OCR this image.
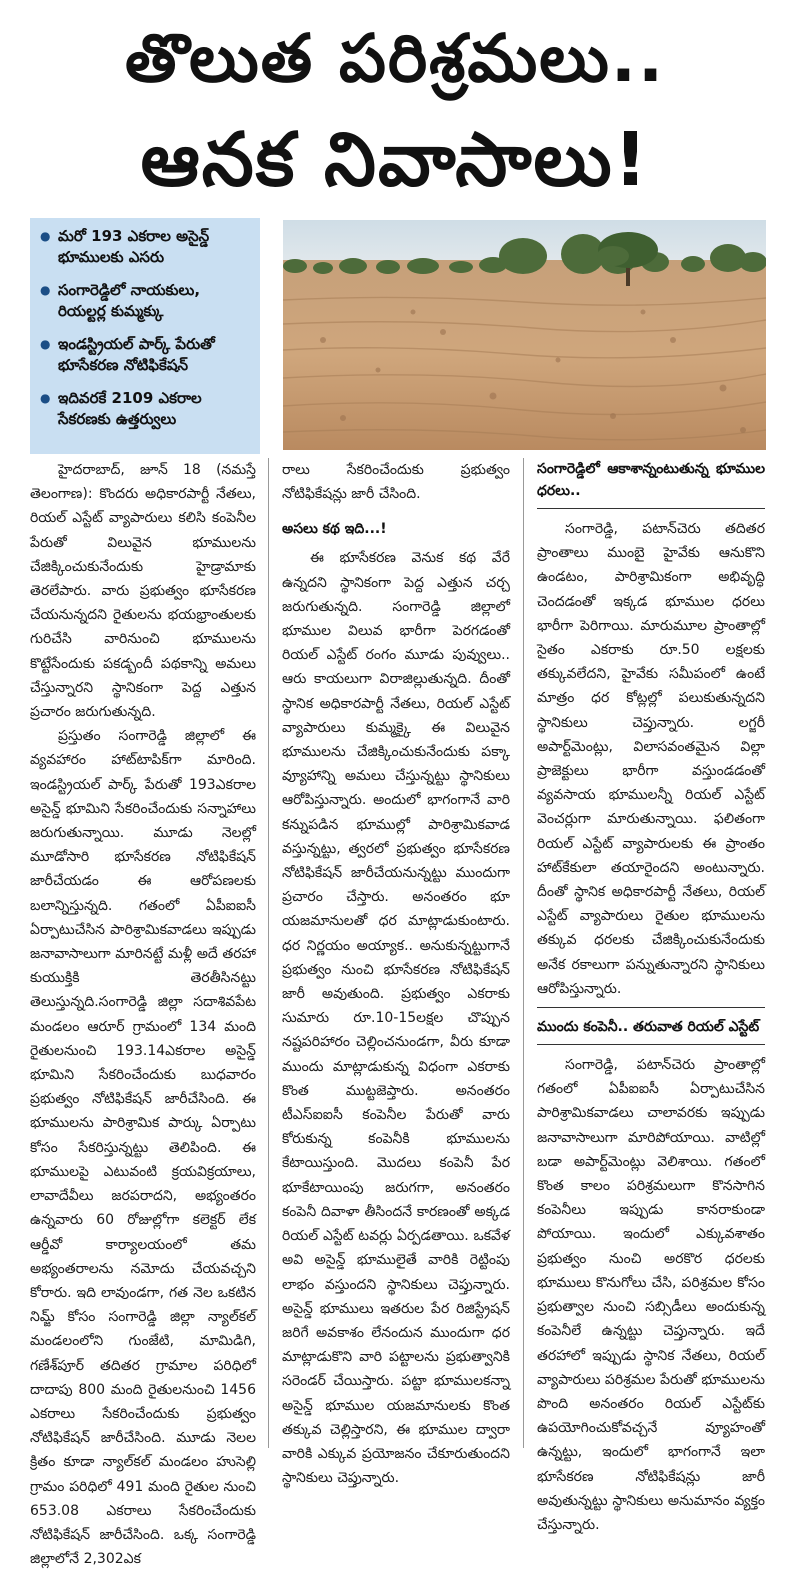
తొలుత పరిశ్రమలు..
ఆనక నివాసాలు!
● మరో 193 ఎకరాల అసైన్డ్ భూములకు ఎసరు
● సంగారెడ్డిలో నాయకులు, రియల్టర్ల కుమ్మక్కు
● ఇండస్ట్రియల్ పార్క్ పేరుతో భూసేకరణ నోటిఫికేషన్
● ఇదివరకే 2109 ఎకరాల సేకరణకు ఉత్తర్వులు

హైదరాబాద్, జూన్ 18 (నమస్తే తెలంగాణ): కొందరు అధికారపార్టీ నేతలు, రియల్ ఎస్టేట్ వ్యాపారులు కలిసి కంపెనీల పేరుతో విలువైన భూములను చేజిక్కించుకునేందుకు హైడ్రామాకు తెరలేపారు. వారు ప్రభుత్వం భూసేకరణ చేయనున్నదని రైతులను భయభ్రాంతులకు గురిచేసి వారినుంచి భూములను కొట్టేసేందుకు పకడ్బందీ పథకాన్ని అమలు చేస్తున్నారని స్థానికంగా పెద్ద ఎత్తున ప్రచారం జరుగుతున్నది.

ప్రస్తుతం సంగారెడ్డి జిల్లాలో ఈ వ్యవహారం హాట్‌టాపిక్‌గా మారింది. ఇండస్ట్రియల్ పార్క్ పేరుతో 193ఎకరాల అసైన్డ్ భూమిని సేకరించేందుకు సన్నాహాలు జరుగుతున్నాయి. మూడు నెలల్లో మూడోసారి భూసేకరణ నోటిఫికేషన్ జారీచేయడం ఈ ఆరోపణలకు బలాన్నిస్తున్నది. గతంలో ఏపీఐఐసీ ఏర్పాటుచేసిన పారిశ్రామికవాడలు ఇప్పుడు జనావాసాలుగా మారినట్టే మళ్లీ అదే తరహా కుయుక్తికి తెరతీసినట్టు తెలుస్తున్నది.సంగారెడ్డి జిల్లా సదాశివపేట మండలం ఆరూర్ గ్రామంలో 134 మంది రైతులనుంచి 193.14ఎకరాల అసైన్డ్ భూమిని సేకరించేందుకు బుధవారం ప్రభుత్వం నోటిఫికేషన్ జారీచేసింది. ఈ భూములను పారిశ్రామిక పార్కు ఏర్పాటు కోసం సేకరిస్తున్నట్టు తెలిపింది. ఈ భూములపై ఎటువంటి క్రయవిక్రయాలు, లావాదేవీలు జరపరాదని, అభ్యంతరం ఉన్నవారు 60 రోజుల్లోగా కలెక్టర్ లేక ఆర్డీవో కార్యాలయంలో తమ అభ్యంతరాలను నమోదు చేయవచ్చని కోరారు. ఇది లావుండగా, గత నెల ఒకటిన నిమ్జ్ కోసం సంగారెడ్డి జిల్లా న్యాల్‌కల్ మండలంలోని గుంజేటి, మామిడిగి, గణేశ్‌పూర్ తదితర గ్రామాల పరిధిలో దాదాపు 800 మంది రైతులనుంచి 1456 ఎకరాలు సేకరించేందుకు ప్రభుత్వం నోటిఫికేషన్ జారీచేసింది. మూడు నెలల క్రితం కూడా న్యాల్‌కల్ మండలం హుసెల్లి గ్రామం పరిధిలో 491 మంది రైతుల నుంచి 653.08 ఎకరాలు సేకరించేందుకు నోటిఫికేషన్ జారీచేసింది. ఒక్క సంగారెడ్డి జిల్లాలోనే 2,302ఎక

రాలు సేకరించేందుకు ప్రభుత్వం నోటిఫికేషన్లు జారీ చేసింది.

అసలు కథ ఇది...!

ఈ భూసేకరణ వెనుక కథ వేరే ఉన్నదని స్థానికంగా పెద్ద ఎత్తున చర్చ జరుగుతున్నది. సంగారెడ్డి జిల్లాలో భూముల విలువ భారీగా పెరగడంతో రియల్ ఎస్టేట్ రంగం మూడు పువ్వులు.. ఆరు కాయలుగా విరాజిల్లుతున్నది. దీంతో స్థానిక అధికారపార్టీ నేతలు, రియల్ ఎస్టేట్ వ్యాపారులు కుమ్మక్కై ఈ విలువైన భూములను చేజిక్కించుకునేందుకు పక్కా వ్యూహాన్ని అమలు చేస్తున్నట్టు స్థానికులు ఆరోపిస్తున్నారు. అందులో భాగంగానే వారి కన్నుపడిన భూముల్లో పారిశ్రామికవాడ వస్తున్నట్టు, త్వరలో ప్రభుత్వం భూసేకరణ నోటిఫికేషన్ జారీచేయనున్నట్టు ముందుగా ప్రచారం చేస్తారు. అనంతరం భూ యజమానులతో ధర మాట్లాడుకుంటారు. ధర నిర్ణయం అయ్యాక.. అనుకున్నట్టుగానే ప్రభుత్వం నుంచి భూసేకరణ నోటిఫికేషన్ జారీ అవుతుంది. ప్రభుత్వం ఎకరాకు సుమారు రూ.10-15లక్షల చొప్పున నష్టపరిహారం చెల్లించనుండగా, వీరు కూడా ముందు మాట్లాడుకున్న విధంగా ఎకరాకు కొంత ముట్టజెప్తారు. అనంతరం టీఎస్ఐఐసీ కంపెనీల పేరుతో వారు కోరుకున్న కంపెనీకి భూములను కేటాయిస్తుంది. మొదలు కంపెనీ పేర భూకేటాయింపు జరుగగా, అనంతరం కంపెనీ దివాళా తీసిందనే కారణంతో అక్కడ రియల్ ఎస్టేట్ టవర్లు ఏర్పడతాయి. ఒకవేళ అవి అసైన్డ్ భూములైతే వారికి రెట్టింపు లాభం వస్తుందని స్థానికులు చెప్తున్నారు. అసైన్డ్ భూములు ఇతరుల పేర రిజిస్ట్రేషన్ జరిగే అవకాశం లేనందున ముందుగా ధర మాట్లాడుకొని వారి పట్టాలను ప్రభుత్వానికి సరెండర్ చేయిస్తారు. పట్టా భూములకన్నా అసైన్డ్ భూముల యజమానులకు కొంత తక్కువ చెల్లిస్తారని, ఈ భూముల ద్వారా వారికి ఎక్కువ ప్రయోజనం చేకూరుతుందని స్థానికులు చెప్తున్నారు.

సంగారెడ్డిలో ఆకాశాన్నంటుతున్న భూముల ధరలు..

సంగారెడ్డి, పటాన్‌చెరు తదితర ప్రాంతాలు ముంబై హైవేకు ఆనుకొని ఉండటం, పారిశ్రామికంగా అభివృద్ధి చెందడంతో ఇక్కడ భూముల ధరలు భారీగా పెరిగాయి. మారుమూల ప్రాంతాల్లో సైతం ఎకరాకు రూ.50 లక్షలకు తక్కువలేదని, హైవేకు సమీపంలో ఉంటే మాత్రం ధర కోట్లల్లో పలుకుతున్నదని స్థానికులు చెప్తున్నారు. లగ్జరీ అపార్ట్‌మెంట్లు, విలాసవంతమైన విల్లా ప్రాజెక్టులు భారీగా వస్తుండడంతో వ్యవసాయ భూములన్నీ రియల్ ఎస్టేట్ వెంచర్లుగా మారుతున్నాయి. ఫలితంగా రియల్ ఎస్టేట్ వ్యాపారులకు ఈ ప్రాంతం హాట్‌కేకులా తయారైందని అంటున్నారు. దీంతో స్థానిక అధికారపార్టీ నేతలు, రియల్ ఎస్టేట్ వ్యాపారులు రైతుల భూములను తక్కువ ధరలకు చేజిక్కించుకునేందుకు అనేక రకాలుగా పన్నుతున్నారని స్థానికులు ఆరోపిస్తున్నారు.

ముందు కంపెనీ.. తరువాత రియల్ ఎస్టేట్

సంగారెడ్డి, పటాన్‌చెరు ప్రాంతాల్లో గతంలో ఏపీఐఐసీ ఏర్పాటుచేసిన పారిశ్రామికవాడలు చాలావరకు ఇప్పుడు జనావాసాలుగా మారిపోయాయి. వాటిల్లో బడా అపార్ట్‌మెంట్లు వెలిశాయి. గతంలో కొంత కాలం పరిశ్రమలుగా కొనసాగిన కంపెనీలు ఇప్పుడు కానరాకుండా పోయాయి. ఇందులో ఎక్కువశాతం ప్రభుత్వం నుంచి అరకొర ధరలకు భూములు కొనుగోలు చేసి, పరిశ్రమల కోసం ప్రభుత్వాల నుంచి సబ్సిడీలు అందుకున్న కంపెనీలే ఉన్నట్టు చెప్తున్నారు. ఇదే తరహాలో ఇప్పుడు స్థానిక నేతలు, రియల్ వ్యాపారులు పరిశ్రమల పేరుతో భూములను పొంది అనంతరం రియల్ ఎస్టేట్‌కు ఉపయోగించుకోవచ్చనే వ్యూహంతో ఉన్నట్టు, ఇందులో భాగంగానే ఇలా భూసేకరణ నోటిఫికేషన్లు జారీ అవుతున్నట్టు స్థానికులు అనుమానం వ్యక్తం చేస్తున్నారు.
